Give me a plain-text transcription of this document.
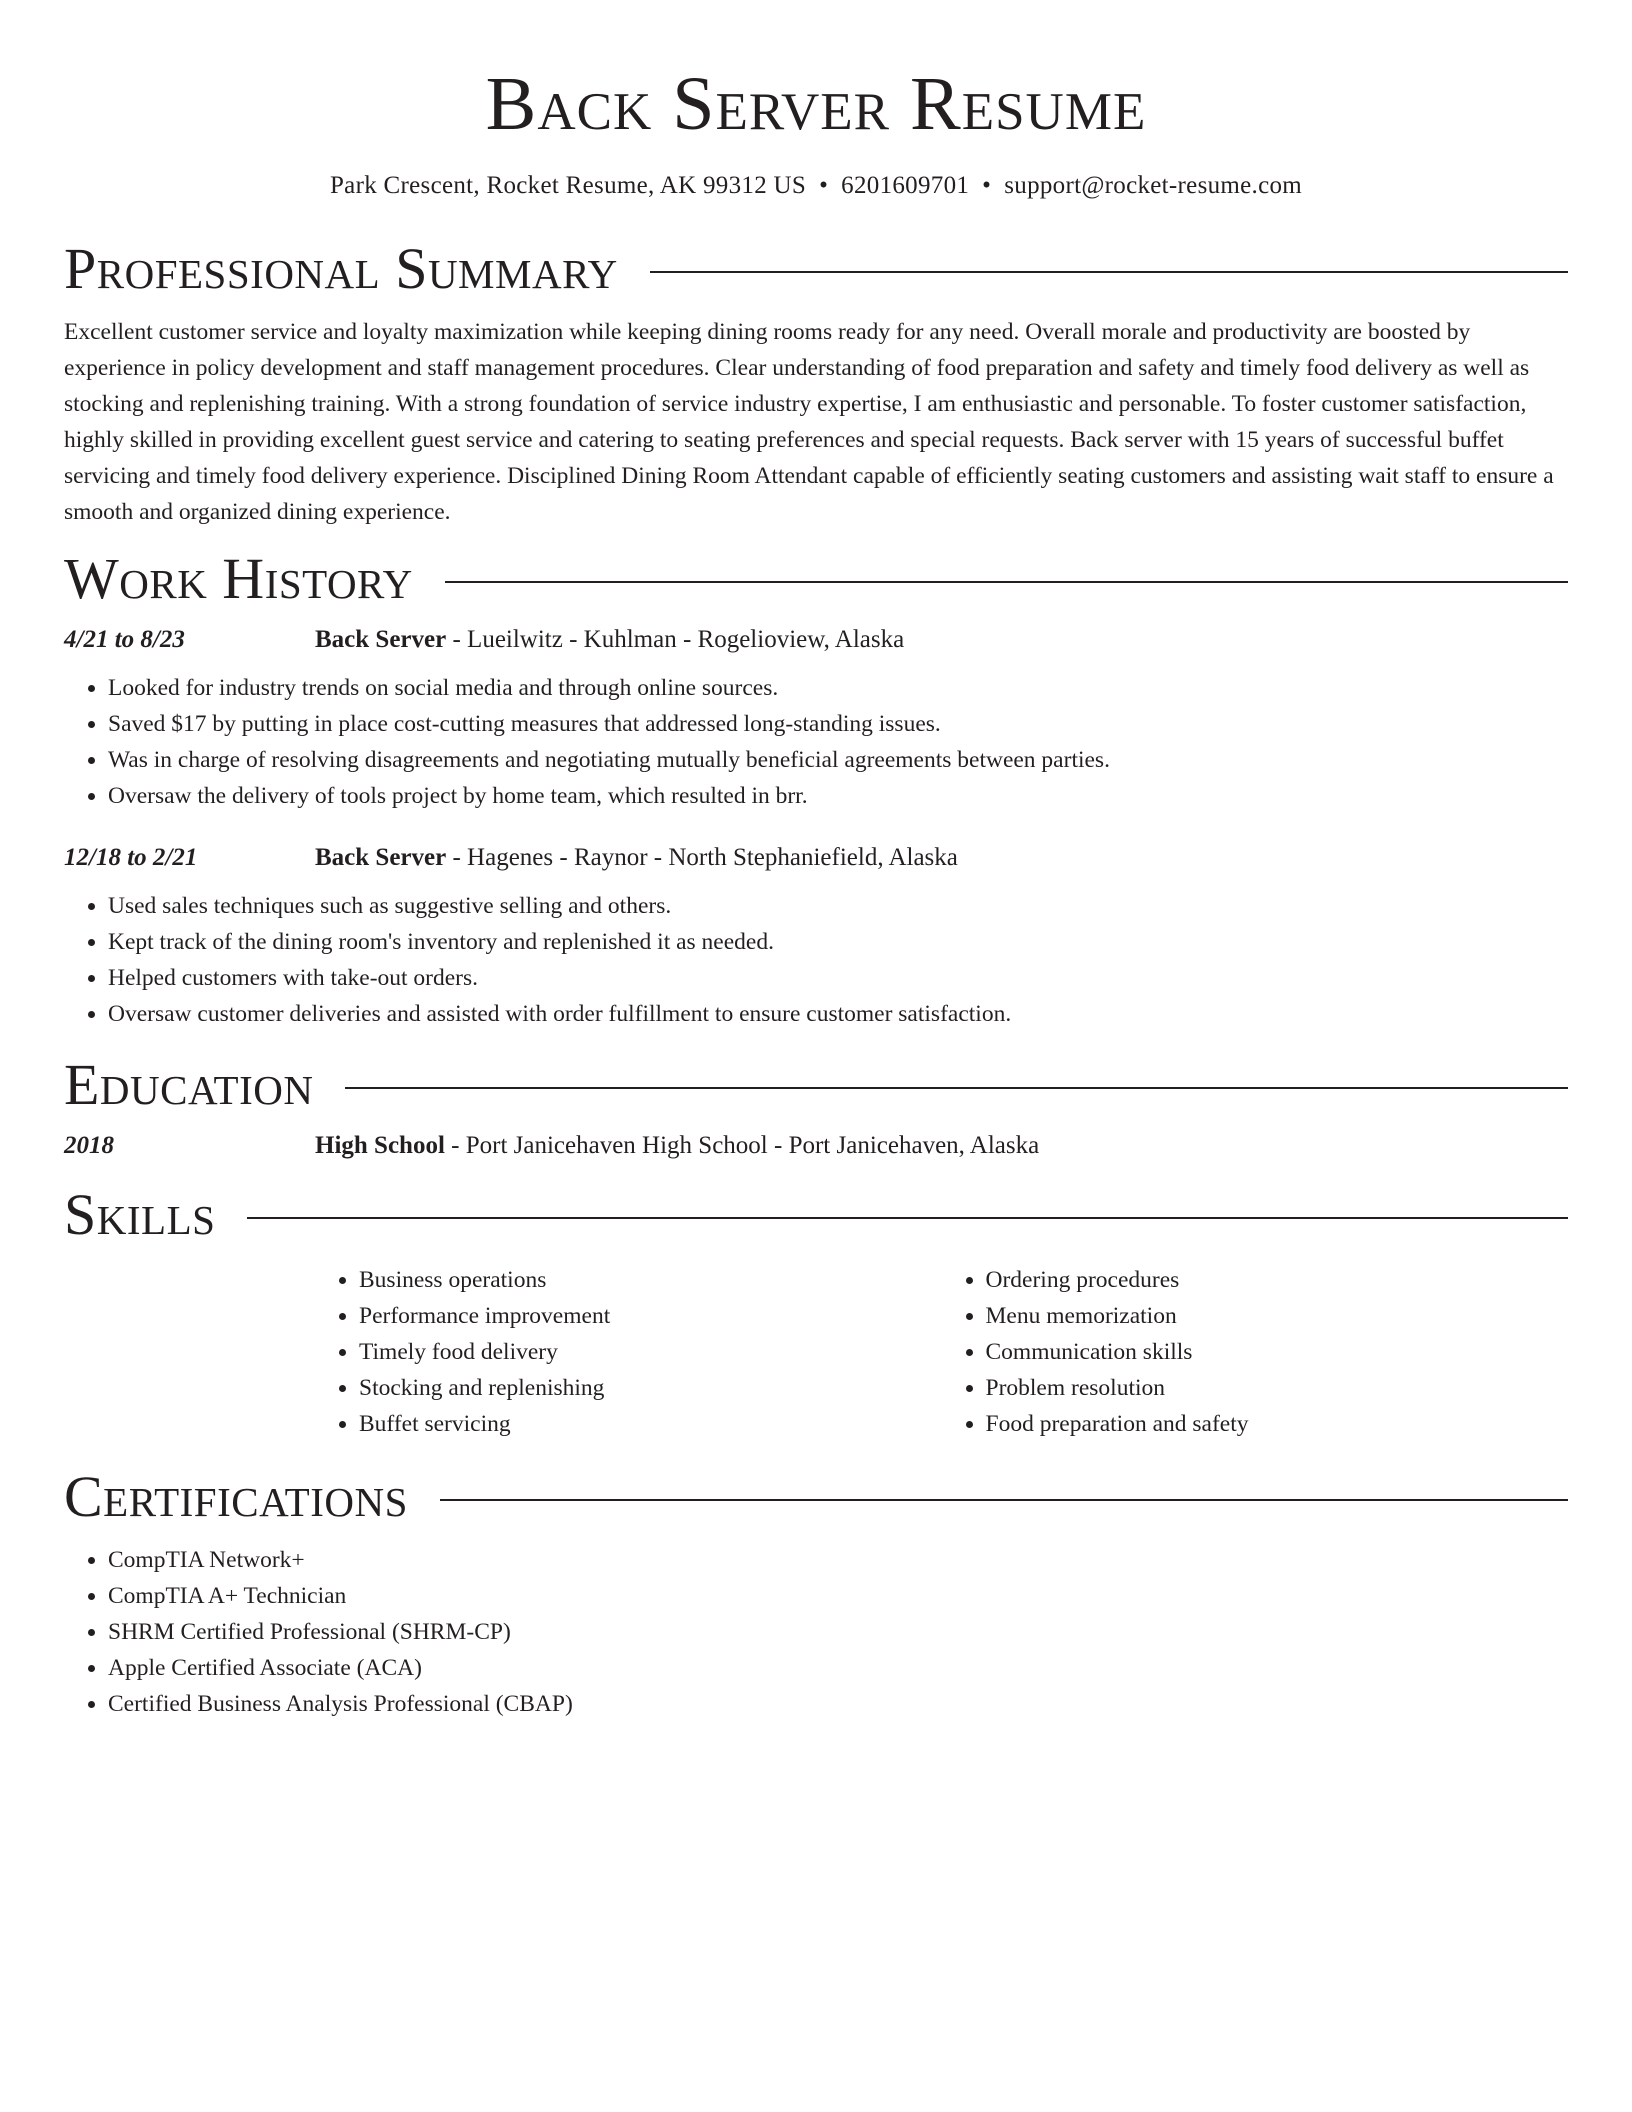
Back Server Resume
Park Crescent, Rocket Resume, AK 99312 US • 6201609701 • support@rocket-resume.com
Professional Summary

Excellent customer service and loyalty maximization while keeping dining rooms ready for any need. Overall morale and productivity are boosted by experience in policy development and staff management procedures. Clear understanding of food preparation and safety and timely food delivery as well as stocking and replenishing training. With a strong foundation of service industry expertise, I am enthusiastic and personable. To foster customer satisfaction, highly skilled in providing excellent guest service and catering to seating preferences and special requests. Back server with 15 years of successful buffet servicing and timely food delivery experience. Disciplined Dining Room Attendant capable of efficiently seating customers and assisting wait staff to ensure a smooth and organized dining experience.

Work History
4/21 to 8/23	Back Server - Lueilwitz - Kuhlman - Rogelioview, Alaska
• Looked for industry trends on social media and through online sources.
• Saved $17 by putting in place cost-cutting measures that addressed long-standing issues.
• Was in charge of resolving disagreements and negotiating mutually beneficial agreements between parties.
• Oversaw the delivery of tools project by home team, which resulted in brr.
12/18 to 2/21	Back Server - Hagenes - Raynor - North Stephaniefield, Alaska
• Used sales techniques such as suggestive selling and others.
• Kept track of the dining room's inventory and replenished it as needed.
• Helped customers with take-out orders.
• Oversaw customer deliveries and assisted with order fulfillment to ensure customer satisfaction.
Education
2018	High School - Port Janicehaven High School - Port Janicehaven, Alaska
Skills
• Business operations
• Performance improvement
• Timely food delivery
• Stocking and replenishing
• Buffet servicing
• Ordering procedures
• Menu memorization
• Communication skills
• Problem resolution
• Food preparation and safety
Certifications
• CompTIA Network+
• CompTIA A+ Technician
• SHRM Certified Professional (SHRM-CP)
• Apple Certified Associate (ACA)
• Certified Business Analysis Professional (CBAP)
